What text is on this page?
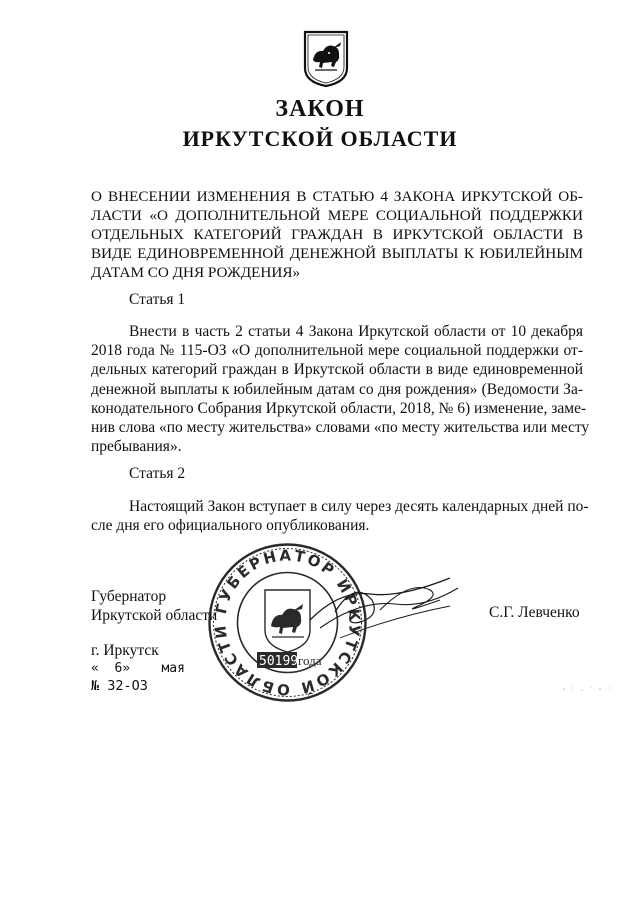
ЗАКОН
ИРКУТСКОЙ ОБЛАСТИ
О ВНЕСЕНИИ ИЗМЕНЕНИЯ В СТАТЬЮ 4 ЗАКОНА ИРКУТСКОЙ ОБ-
ЛАСТИ «О ДОПОЛНИТЕЛЬНОЙ МЕРЕ СОЦИАЛЬНОЙ ПОДДЕРЖКИ
ОТДЕЛЬНЫХ КАТЕГОРИЙ ГРАЖДАН В ИРКУТСКОЙ ОБЛАСТИ В
ВИДЕ ЕДИНОВРЕМЕННОЙ ДЕНЕЖНОЙ ВЫПЛАТЫ К ЮБИЛЕЙНЫМ
ДАТАМ СО ДНЯ РОЖДЕНИЯ»
Статья 1
Внести в часть 2 статьи 4 Закона Иркутской области от 10 декабря
2018 года № 115-ОЗ «О дополнительной мере социальной поддержки от-
дельных категорий граждан в Иркутской области в виде единовременной
денежной выплаты к юбилейным датам со дня рождения» (Ведомости За-
конодательного Собрания Иркутской области, 2018, № 6) изменение, заме-
нив слова «по месту жительства» словами «по месту жительства или месту
пребывания».
Статья 2
Настоящий Закон вступает в силу через десять календарных дней по-
сле дня его официального опубликования.
ГУБЕРНАТОР ИРКУТСКОЙ ОБЛАСТИ
50199 года
Губернатор
Иркутской области	С.Г. Левченко
г. Иркутск
«  6»    мая
№ 32-ОЗ
